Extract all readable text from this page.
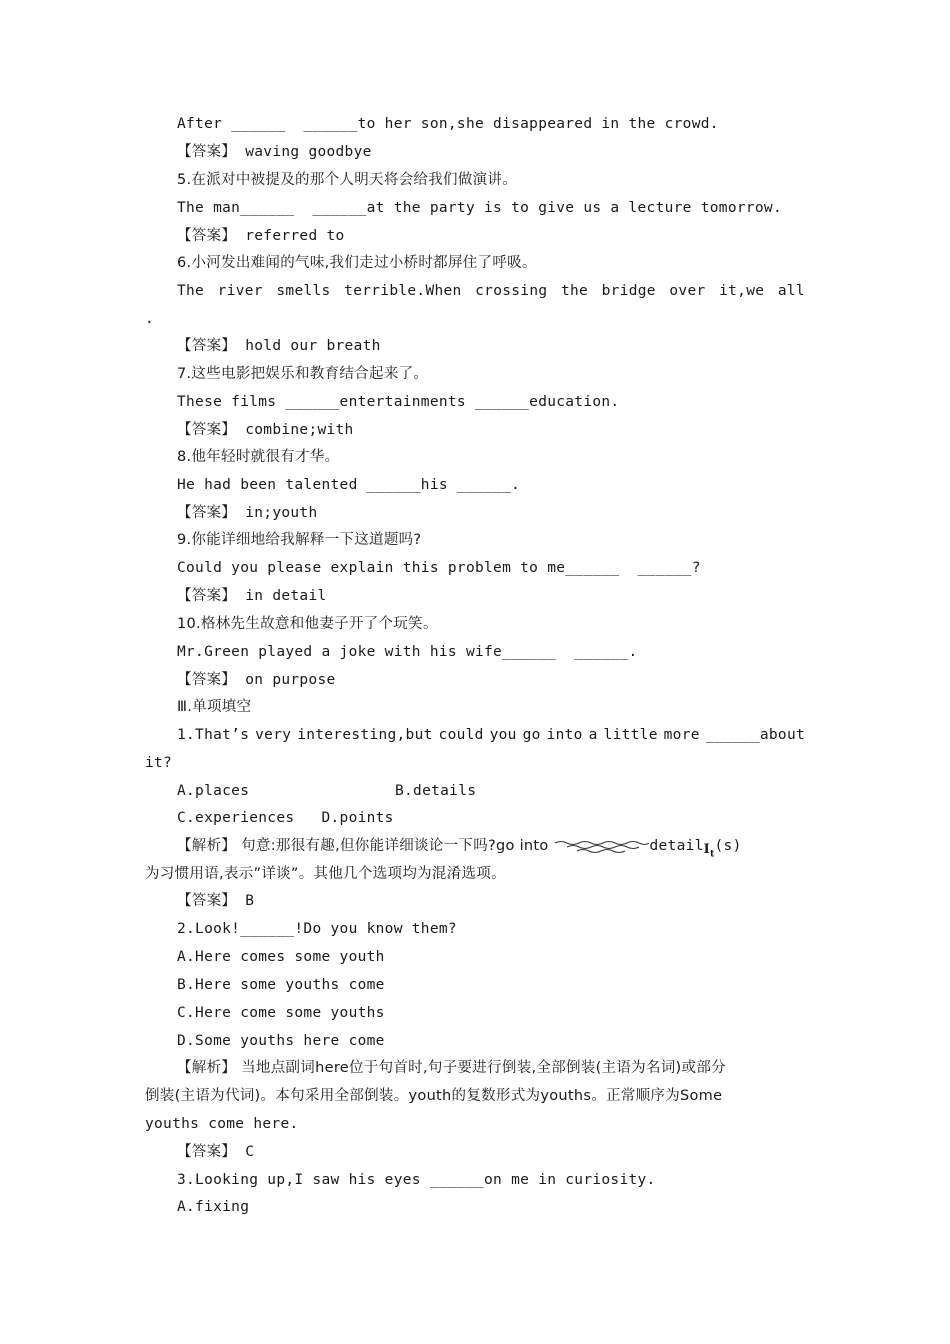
After ______  ______to her son,she disappeared in the crowd.
【答案】 waving goodbye
5.在派对中被提及的那个人明天将会给我们做演讲。
The man______  ______at the party is to give us a lecture tomorrow.
【答案】 referred to
6.小河发出难闻的气味,我们走过小桥时都屏住了呼吸。
The river smells terrible.When crossing the bridge over it,we all
.
【答案】 hold our breath
7.这些电影把娱乐和教育结合起来了。
These films ______entertainments ______education.
【答案】 combine;with
8.他年轻时就很有才华。
He had been talented ______his ______.
【答案】 in;youth
9.你能详细地给我解释一下这道题吗?
Could you please explain this problem to me______  ______?
【答案】 in detail
10.格林先生故意和他妻子开了个玩笑。
Mr.Green played a joke with his wife______  ______.
【答案】 on purpose
Ⅲ.单项填空
1.That’s very interesting,but could you go into a little more ______about
it?
A.places	B.details
C.experiences   D.points
【解析】 句意:那很有趣,但你能详细谈论一下吗?go into	detailI$_t$(s)
为习惯用语,表示”详谈”。其他几个选项均为混淆选项。
【答案】 B
2.Look!______!Do you know them?
A.Here comes some youth
B.Here some youths come
C.Here come some youths
D.Some youths here come
【解析】 当地点副词here位于句首时,句子要进行倒装,全部倒装(主语为名词)或部分
倒装(主语为代词)。本句采用全部倒装。youth的复数形式为youths。正常顺序为Some
youths come here.
【答案】 C
3.Looking up,I saw his eyes ______on me in curiosity.
A.fixing
